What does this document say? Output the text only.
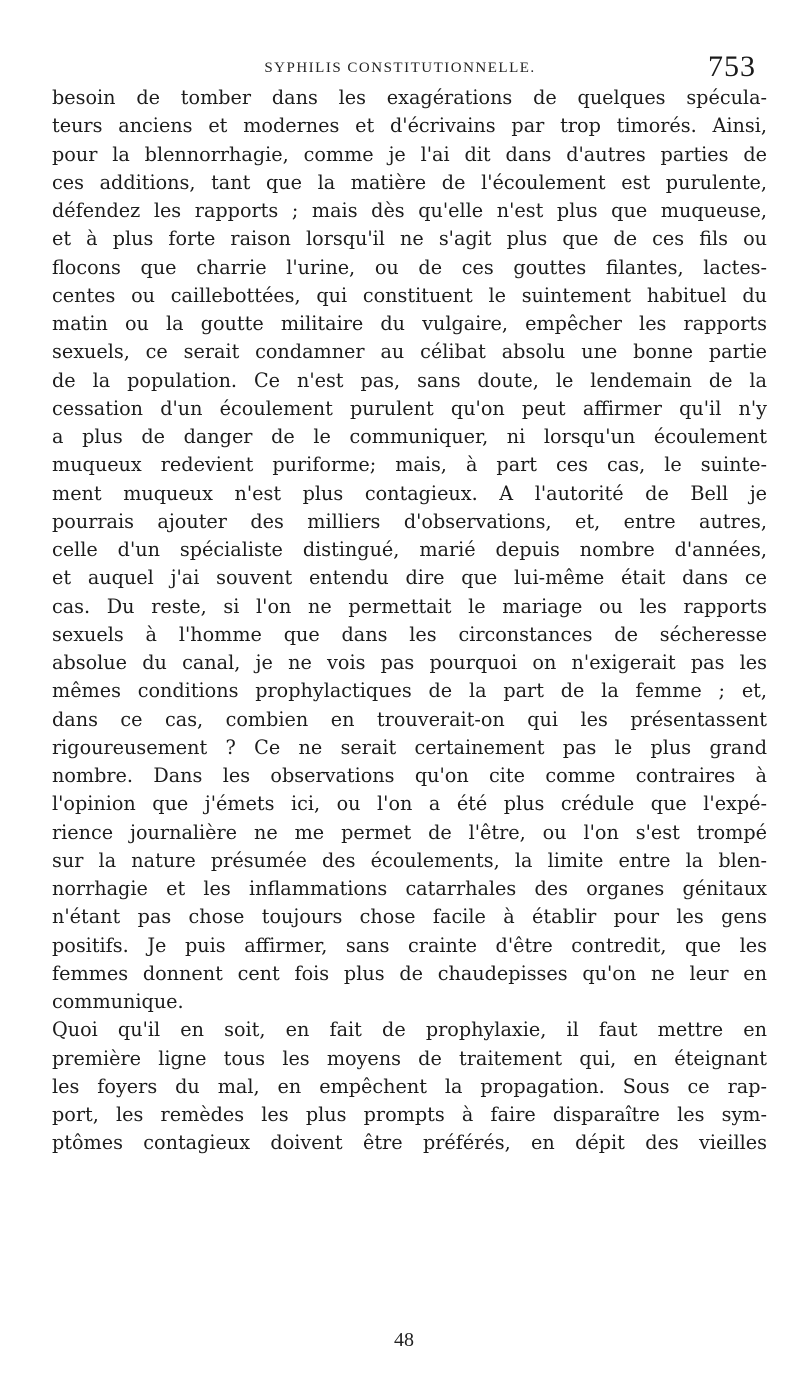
SYPHILIS CONSTITUTIONNELLE.	753
besoin de tomber dans les exagérations de quelques spécula-
teurs anciens et modernes et d'écrivains par trop timorés. Ainsi,
pour la blennorrhagie, comme je l'ai dit dans d'autres parties de
ces additions, tant que la matière de l'écoulement est purulente,
défendez les rapports ; mais dès qu'elle n'est plus que muqueuse,
et à plus forte raison lorsqu'il ne s'agit plus que de ces fils ou
flocons que charrie l'urine, ou de ces gouttes filantes, lactes-
centes ou caillebottées, qui constituent le suintement habituel du
matin ou la goutte militaire du vulgaire, empêcher les rapports
sexuels, ce serait condamner au célibat absolu une bonne partie
de la population. Ce n'est pas, sans doute, le lendemain de la
cessation d'un écoulement purulent qu'on peut affirmer qu'il n'y
a plus de danger de le communiquer, ni lorsqu'un écoulement
muqueux redevient puriforme; mais, à part ces cas, le suinte-
ment muqueux n'est plus contagieux. A l'autorité de Bell je
pourrais ajouter des milliers d'observations, et, entre autres,
celle d'un spécialiste distingué, marié depuis nombre d'années,
et auquel j'ai souvent entendu dire que lui-même était dans ce
cas. Du reste, si l'on ne permettait le mariage ou les rapports
sexuels à l'homme que dans les circonstances de sécheresse
absolue du canal, je ne vois pas pourquoi on n'exigerait pas les
mêmes conditions prophylactiques de la part de la femme ; et,
dans ce cas, combien en trouverait-on qui les présentassent
rigoureusement ? Ce ne serait certainement pas le plus grand
nombre. Dans les observations qu'on cite comme contraires à
l'opinion que j'émets ici, ou l'on a été plus crédule que l'expé-
rience journalière ne me permet de l'être, ou l'on s'est trompé
sur la nature présumée des écoulements, la limite entre la blen-
norrhagie et les inflammations catarrhales des organes génitaux
n'étant pas chose toujours chose facile à établir pour les gens
positifs. Je puis affirmer, sans crainte d'être contredit, que les
femmes donnent cent fois plus de chaudepisses qu'on ne leur en
communique.
Quoi qu'il en soit, en fait de prophylaxie, il faut mettre en
première ligne tous les moyens de traitement qui, en éteignant
les foyers du mal, en empêchent la propagation. Sous ce rap-
port, les remèdes les plus prompts à faire disparaître les sym-
ptômes contagieux doivent être préférés, en dépit des vieilles
48
